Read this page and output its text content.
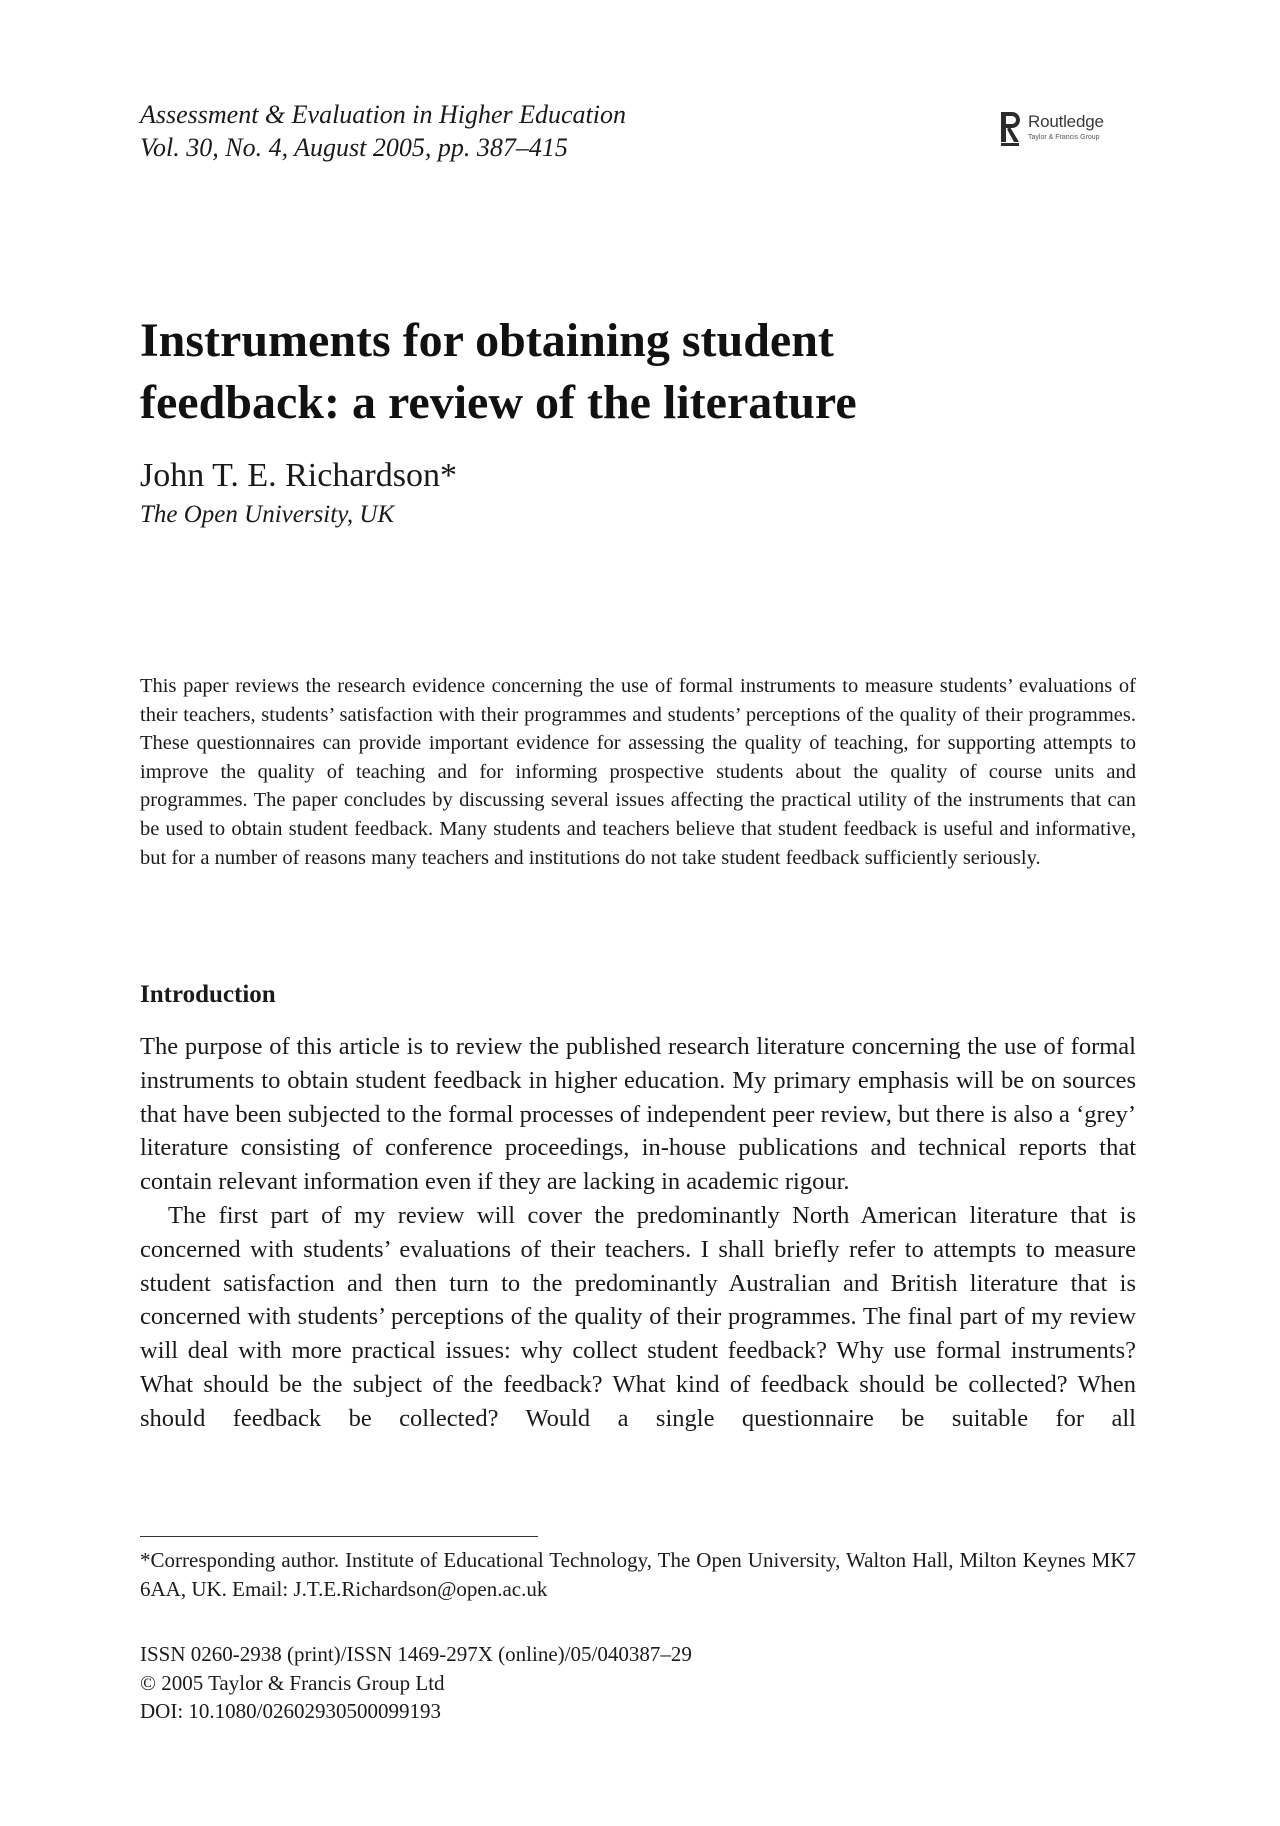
Assessment & Evaluation in Higher Education
Vol. 30, No. 4, August 2005, pp. 387–415
Routledge
Taylor & Francis Group
Instruments for obtaining student
feedback: a review of the literature
John T. E. Richardson*
The Open University, UK

This paper reviews the research evidence concerning the use of formal instruments to measure students’ evaluations of their teachers, students’ satisfaction with their programmes and students’ perceptions of the quality of their programmes. These questionnaires can provide important evidence for assessing the quality of teaching, for supporting attempts to improve the quality of teaching and for informing prospective students about the quality of course units and programmes. The paper concludes by discussing several issues affecting the practical utility of the instruments that can be used to obtain student feedback. Many students and teachers believe that student feedback is useful and informative, but for a number of reasons many teachers and institutions do not take student feedback sufficiently seriously.

Introduction

The purpose of this article is to review the published research literature concerning the use of formal instruments to obtain student feedback in higher education. My primary emphasis will be on sources that have been subjected to the formal processes of independent peer review, but there is also a ‘grey’ literature consisting of conference proceedings, in-house publications and technical reports that contain relevant information even if they are lacking in academic rigour.

The first part of my review will cover the predominantly North American literature that is concerned with students’ evaluations of their teachers. I shall briefly refer to attempts to measure student satisfaction and then turn to the predominantly Australian and British literature that is concerned with students’ perceptions of the quality of their programmes. The final part of my review will deal with more practical issues: why collect student feedback? Why use formal instruments? What should be the subject of the feedback? What kind of feedback should be collected? When should feedback be collected? Would a single questionnaire be suitable for all

*Corresponding author. Institute of Educational Technology, The Open University, Walton Hall, Milton Keynes MK7 6AA, UK. Email: J.T.E.Richardson@open.ac.uk

ISSN 0260-2938 (print)/ISSN 1469-297X (online)/05/040387–29
© 2005 Taylor & Francis Group Ltd
DOI: 10.1080/02602930500099193
